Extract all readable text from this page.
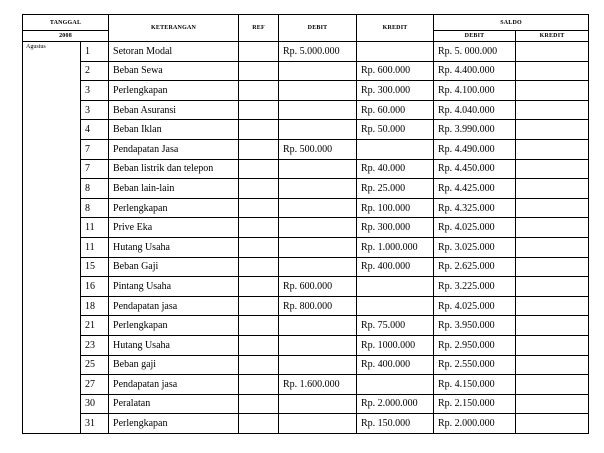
TANGGAL		KETERANGAN	REF	DEBIT	KREDIT	SALDO	
2008						DEBIT	KREDIT
Agustus	1	Setoran Modal		Rp. 5.000.000		Rp. 5. 000.000	
	2	Beban Sewa			Rp. 600.000	Rp. 4.400.000	
	3	Perlengkapan			Rp. 300.000	Rp. 4.100.000	
	3	Beban Asuransi			Rp. 60.000	Rp. 4.040.000	
	4	Beban Iklan			Rp. 50.000	Rp. 3.990.000	
	7	Pendapatan Jasa		Rp. 500.000		Rp. 4.490.000	
	7	Beban listrik dan telepon			Rp. 40.000	Rp. 4.450.000	
	8	Beban lain-lain			Rp. 25.000	Rp. 4.425.000	
	8	Perlengkapan			Rp. 100.000	Rp. 4.325.000	
	11	Prive Eka			Rp. 300.000	Rp. 4.025.000	
	11	Hutang Usaha			Rp. 1.000.000	Rp. 3.025.000	
	15	Beban Gaji			Rp. 400.000	Rp. 2.625.000	
	16	Pintang Usaha		Rp. 600.000		Rp. 3.225.000	
	18	Pendapatan jasa		Rp. 800.000		Rp. 4.025.000	
	21	Perlengkapan			Rp. 75.000	Rp. 3.950.000	
	23	Hutang Usaha			Rp. 1000.000	Rp. 2.950.000	
	25	Beban gaji			Rp. 400.000	Rp. 2.550.000	
	27	Pendapatan jasa		Rp. 1.600.000		Rp. 4.150.000	
	30	Peralatan			Rp. 2.000.000	Rp. 2.150.000	
	31	Perlengkapan			Rp. 150.000	Rp. 2.000.000	
